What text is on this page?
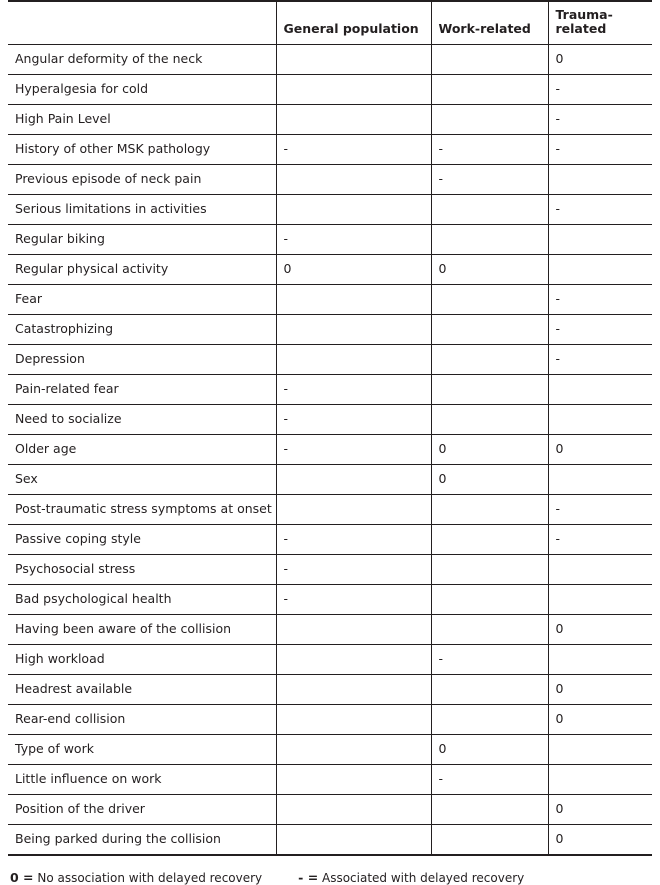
	General population	Work-related	Trauma-related
Angular deformity of the neck			0
Hyperalgesia for cold			-
High Pain Level			-
History of other MSK pathology	-	-	-
Previous episode of neck pain		-	
Serious limitations in activities			-
Regular biking	-		
Regular physical activity	0	0	
Fear			-
Catastrophizing			-
Depression			-
Pain-related fear	-		
Need to socialize	-		
Older age	-	0	0
Sex		0	
Post-traumatic stress symptoms at onset			-
Passive coping style	-		-
Psychosocial stress	-		
Bad psychological health	-		
Having been aware of the collision			0
High workload		-	
Headrest available			0
Rear-end collision			0
Type of work		0	
Little influence on work		-	
Position of the driver			0
Being parked during the collision			0
0 = No association with delayed recovery	- = Associated with delayed recovery
